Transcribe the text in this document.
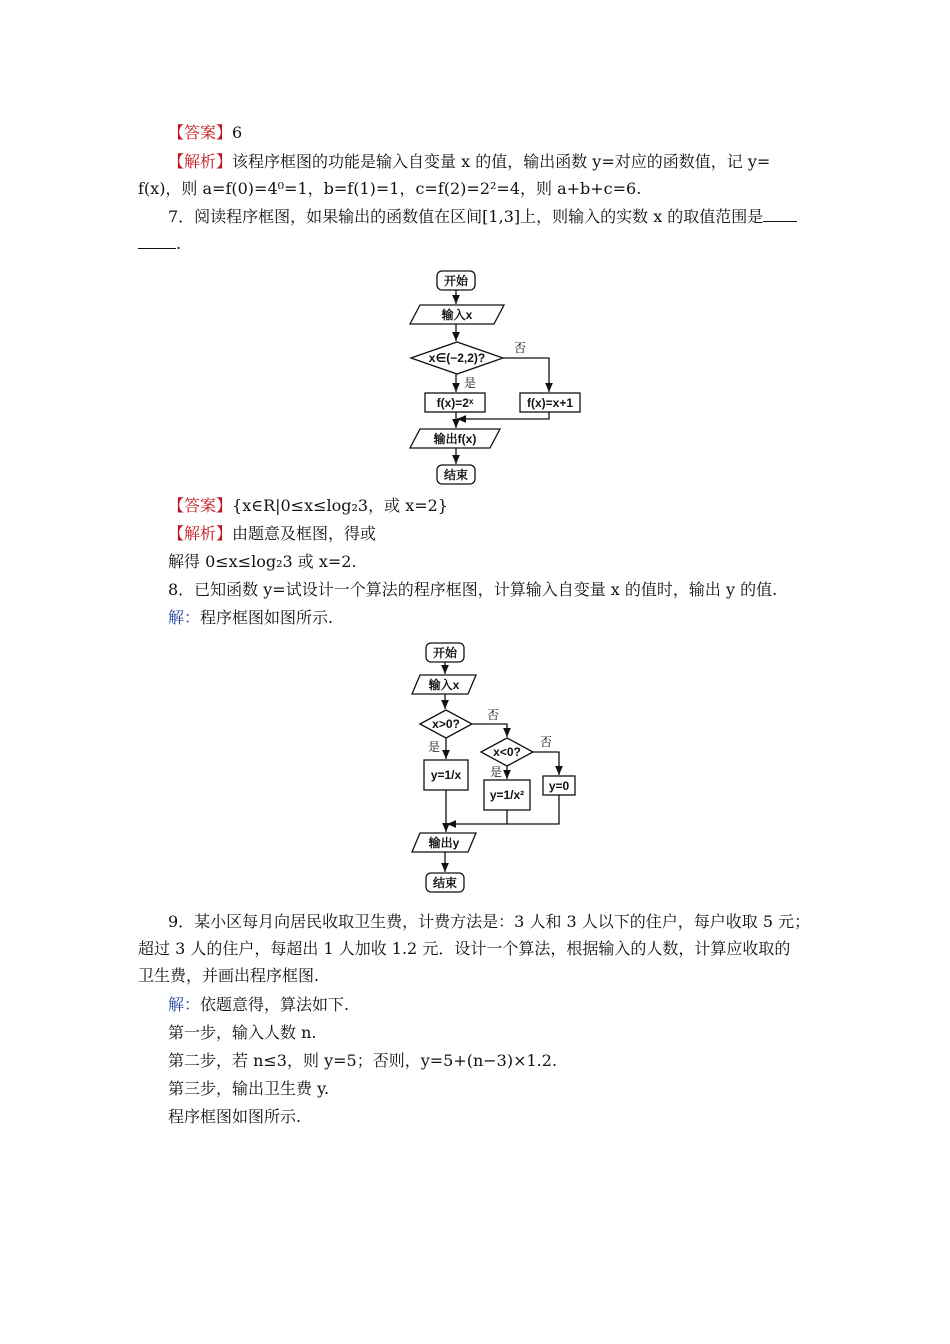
【答案】6
【解析】该程序框图的功能是输入自变量 x 的值，输出函数 y=对应的函数值，记 y=
f(x)，则 a=f(0)=4⁰=1，b=f(1)=1，c=f(2)=2²=4，则 a+b+c=6.
7．阅读程序框图，如果输出的函数值在区间[1,3]上，则输入的实数 x 的取值范围是
.
开始
输入x
x∈(−2,2)?
否
是
f(x)=2ˣ	f(x)=x+1
输出f(x)
结束
【答案】{x∈R|0≤x≤log₂3，或 x=2}
【解析】由题意及框图，得或
解得 0≤x≤log₂3 或 x=2.
8．已知函数 y=试设计一个算法的程序框图，计算输入自变量 x 的值时，输出 y 的值.
解：程序框图如图所示.
开始
输入x
x>0?
否
是
y=1/x
x<0?
否
是
y=1/x²
y=0
输出y
结束
9．某小区每月向居民收取卫生费，计费方法是：3 人和 3 人以下的住户，每户收取 5 元；
超过 3 人的住户，每超出 1 人加收 1.2 元．设计一个算法，根据输入的人数，计算应收取的
卫生费，并画出程序框图.
解：依题意得，算法如下.
第一步，输入人数 n.
第二步，若 n≤3，则 y=5；否则，y=5+(n−3)×1.2.
第三步，输出卫生费 y.
程序框图如图所示.
